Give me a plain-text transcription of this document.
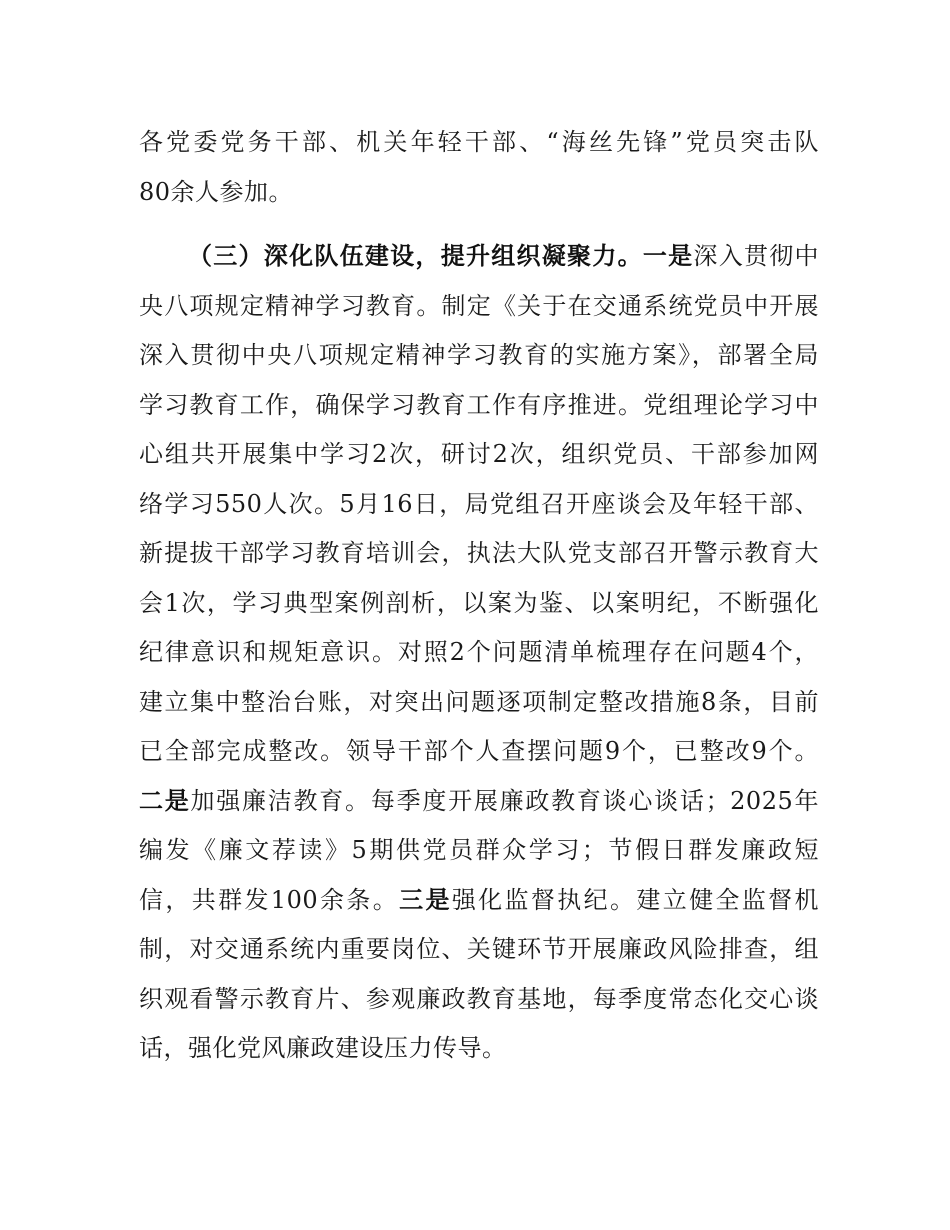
各党委党务干部、机关年轻干部、“海丝先锋”党员突击队
80余人参加。
（三）深化队伍建设，提升组织凝聚力。一是深入贯彻中
央八项规定精神学习教育。制定《关于在交通系统党员中开展
深入贯彻中央八项规定精神学习教育的实施方案》，部署全局
学习教育工作，确保学习教育工作有序推进。党组理论学习中
心组共开展集中学习2次，研讨2次，组织党员、干部参加网
络学习550人次。5月16日，局党组召开座谈会及年轻干部、
新提拔干部学习教育培训会，执法大队党支部召开警示教育大
会1次，学习典型案例剖析，以案为鉴、以案明纪，不断强化
纪律意识和规矩意识。对照2个问题清单梳理存在问题4个，
建立集中整治台账，对突出问题逐项制定整改措施8条，目前
已全部完成整改。领导干部个人查摆问题9个，已整改9个。
二是加强廉洁教育。每季度开展廉政教育谈心谈话；2025年
编发《廉文荐读》5期供党员群众学习；节假日群发廉政短
信，共群发100余条。三是强化监督执纪。建立健全监督机
制，对交通系统内重要岗位、关键环节开展廉政风险排查，组
织观看警示教育片、参观廉政教育基地，每季度常态化交心谈
话，强化党风廉政建设压力传导。
